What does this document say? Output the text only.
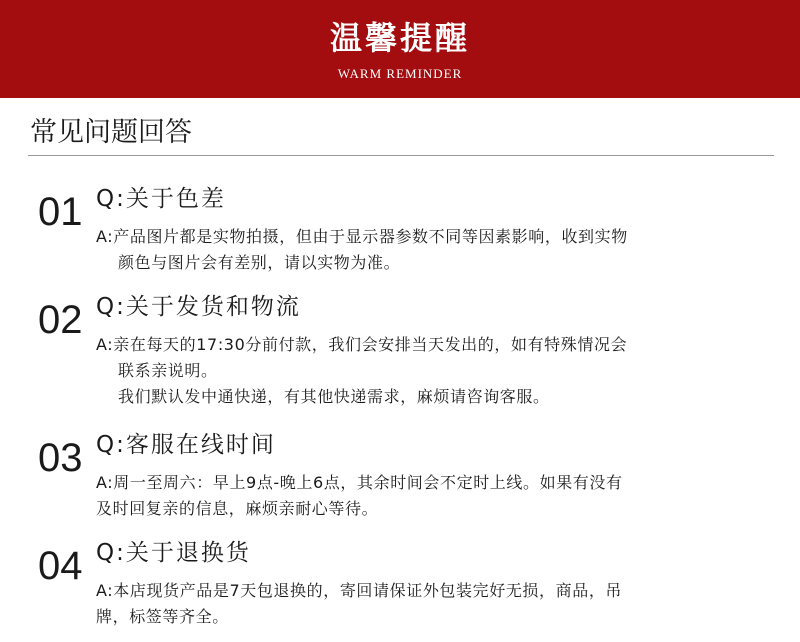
温馨提醒
WARM REMINDER
常见问题回答
01 Q:关于色差
A:产品图片都是实物拍摄，但由于显示器参数不同等因素影响，收到实物
颜色与图片会有差别，请以实物为准。
02 Q:关于发货和物流
A:亲在每天的17:30分前付款，我们会安排当天发出的，如有特殊情况会
联系亲说明。
我们默认发中通快递，有其他快递需求，麻烦请咨询客服。
03 Q:客服在线时间
A:周一至周六：早上9点-晚上6点，其余时间会不定时上线。如果有没有
及时回复亲的信息，麻烦亲耐心等待。
04 Q:关于退换货
A:本店现货产品是7天包退换的，寄回请保证外包装完好无损，商品，吊
牌，标签等齐全。
